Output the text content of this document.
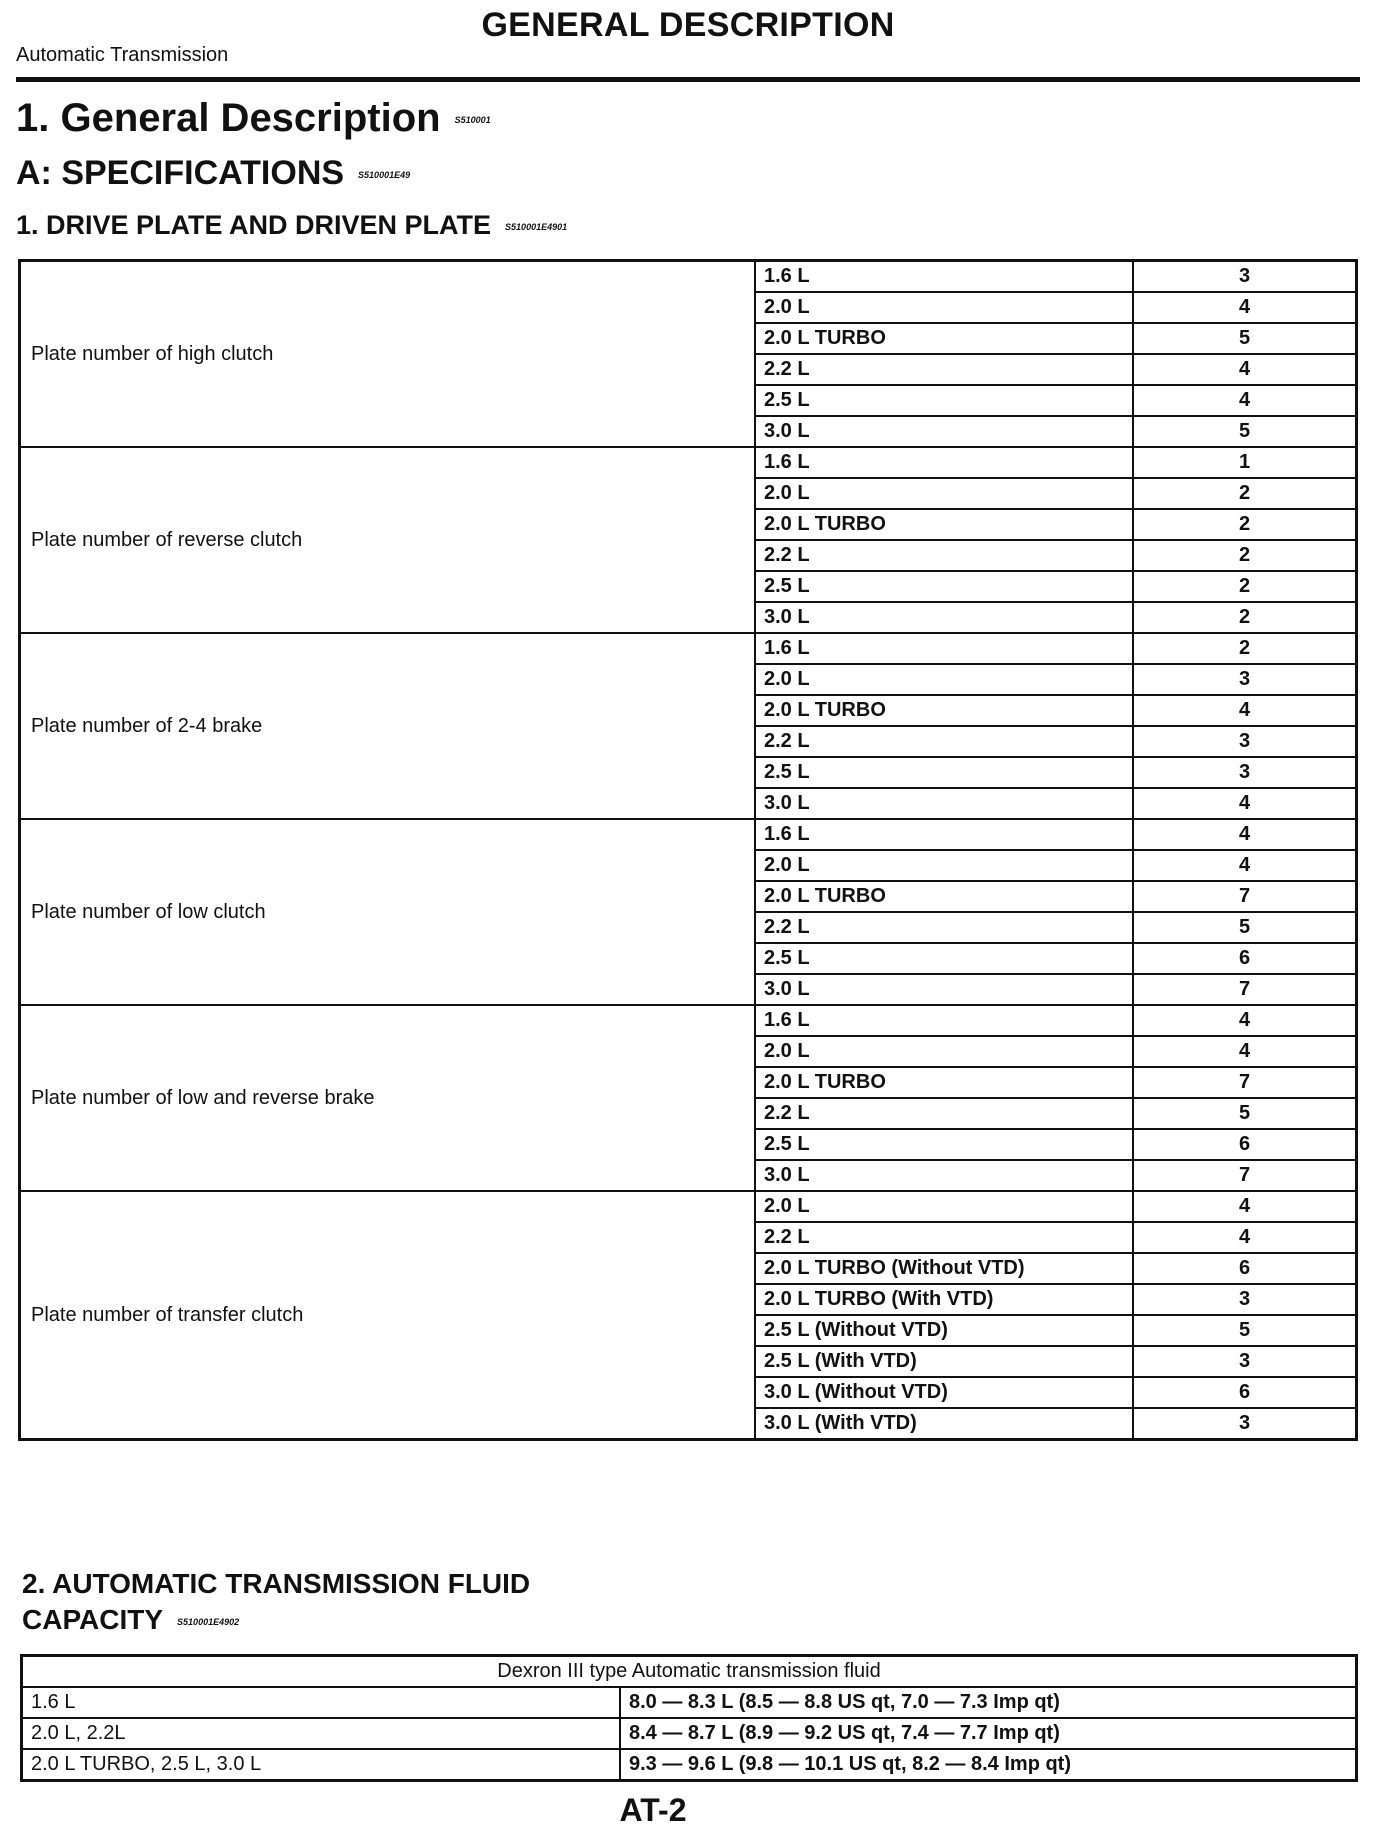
GENERAL DESCRIPTION
Automatic Transmission
1. General Description S510001
A: SPECIFICATIONS S510001E49
1. DRIVE PLATE AND DRIVEN PLATE S510001E4901
Plate number of high clutch	1.6 L	3
	2.0 L	4
	2.0 L TURBO	5
	2.2 L	4
	2.5 L	4
	3.0 L	5
Plate number of reverse clutch	1.6 L	1
	2.0 L	2
	2.0 L TURBO	2
	2.2 L	2
	2.5 L	2
	3.0 L	2
Plate number of 2-4 brake	1.6 L	2
	2.0 L	3
	2.0 L TURBO	4
	2.2 L	3
	2.5 L	3
	3.0 L	4
Plate number of low clutch	1.6 L	4
	2.0 L	4
	2.0 L TURBO	7
	2.2 L	5
	2.5 L	6
	3.0 L	7
Plate number of low and reverse brake	1.6 L	4
	2.0 L	4
	2.0 L TURBO	7
	2.2 L	5
	2.5 L	6
	3.0 L	7
Plate number of transfer clutch	2.0 L	4
	2.2 L	4
	2.0 L TURBO (Without VTD)	6
	2.0 L TURBO (With VTD)	3
	2.5 L (Without VTD)	5
	2.5 L (With VTD)	3
	3.0 L (Without VTD)	6
	3.0 L (With VTD)	3
2. AUTOMATIC TRANSMISSION FLUID CAPACITY S510001E4902
Dexron III type Automatic transmission fluid	
1.6 L	8.0 — 8.3 L (8.5 — 8.8 US qt, 7.0 — 7.3 Imp qt)
2.0 L, 2.2L	8.4 — 8.7 L (8.9 — 9.2 US qt, 7.4 — 7.7 Imp qt)
2.0 L TURBO, 2.5 L, 3.0 L	9.3 — 9.6 L (9.8 — 10.1 US qt, 8.2 — 8.4 Imp qt)
AT-2
